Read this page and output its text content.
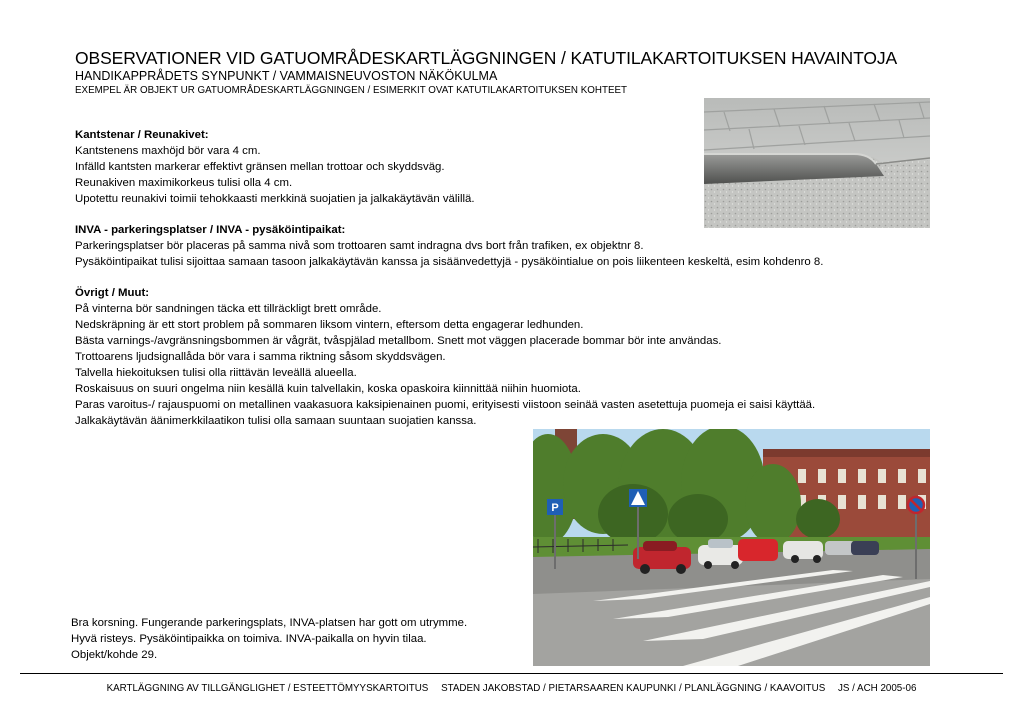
OBSERVATIONER VID GATUOMRÅDESKARTLÄGGNINGEN / KATUTILAKARTOITUKSEN HAVAINTOJA
HANDIKAPPRÅDETS SYNPUNKT / VAMMAISNEUVOSTON NÄKÖKULMA
EXEMPEL ÄR OBJEKT UR GATUOMRÅDESKARTLÄGGNINGEN / ESIMERKIT OVAT KATUTILAKARTOITUKSEN KOHTEET
Kantstenar / Reunakivet:
Kantstenens maxhöjd bör vara 4 cm.
Infälld kantsten markerar effektivt gränsen mellan trottoar och skyddsväg.
Reunakiven maximikorkeus tulisi olla 4 cm.
Upotettu reunakivi toimii tehokkaasti merkkinä suojatien ja jalkakäytävän välillä.
INVA - parkeringsplatser / INVA - pysäköintipaikat:
Parkeringsplatser bör placeras på samma nivå som trottoaren samt indragna dvs bort från trafiken, ex objektnr 8.
Pysäköintipaikat tulisi sijoittaa samaan tasoon jalkakäytävän kanssa ja sisäänvedettyjä - pysäköintialue on pois liikenteen keskeltä, esim kohdenro 8.
Övrigt / Muut:
På vinterna bör sandningen täcka ett tillräckligt brett område.
Nedskräpning är ett stort problem på sommaren liksom vintern, eftersom detta engagerar ledhunden.
Bästa varnings-/avgränsningsbommen är vågrät, tvåspjälad metallbom. Snett mot väggen placerade bommar bör inte användas.
Trottoarens ljudsignallåda bör vara i samma riktning såsom skyddsvägen.
Talvella hiekoituksen tulisi olla riittävän leveällä alueella.
Roskaisuus on suuri ongelma niin kesällä kuin talvellakin, koska opaskoira kiinnittää niihin huomiota.
Paras varoitus-/ rajauspuomi on metallinen vaakasuora kaksipienainen puomi, erityisesti viistoon seinää vasten asetettuja puomeja ei saisi käyttää.
Jalkakäytävän äänimerkkilaatikon tulisi olla samaan suuntaan suojatien kanssa.
P
Bra korsning. Fungerande parkeringsplats, INVA-platsen har gott om utrymme.
Hyvä risteys. Pysäköintipaikka on toimiva. INVA-paikalla on hyvin tilaa.
Objekt/kohde 29.
KARTLÄGGNING AV TILLGÄNGLIGHET / ESTEETTÖMYYSKARTOITUS STADEN JAKOBSTAD / PIETARSAAREN KAUPUNKI / PLANLÄGGNING / KAAVOITUS JS / ACH 2005-06
